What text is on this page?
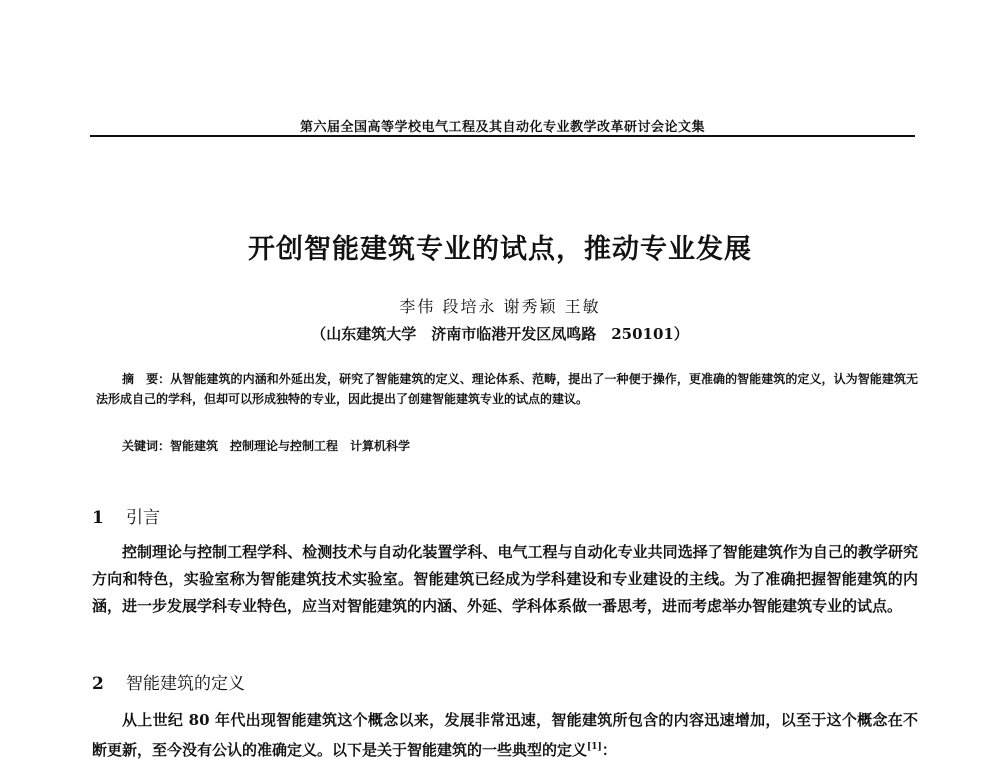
第六届全国高等学校电气工程及其自动化专业教学改革研讨会论文集
开创智能建筑专业的试点，推动专业发展
李伟 段培永 谢秀颖 王敏
（山东建筑大学　济南市临港开发区凤鸣路　250101）
摘　要：从智能建筑的内涵和外延出发，研究了智能建筑的定义、理论体系、范畴，提出了一种便于操作，更准确的智能建筑的定义，认为智能建筑无法形成自己的学科，但却可以形成独特的专业，因此提出了创建智能建筑专业的试点的建议。
关键词：智能建筑　控制理论与控制工程　计算机科学
1 引言
控制理论与控制工程学科、检测技术与自动化装置学科、电气工程与自动化专业共同选择了智能建筑作为自己的教学研究方向和特色，实验室称为智能建筑技术实验室。智能建筑已经成为学科建设和专业建设的主线。为了准确把握智能建筑的内涵，进一步发展学科专业特色，应当对智能建筑的内涵、外延、学科体系做一番思考，进而考虑举办智能建筑专业的试点。
2 智能建筑的定义
从上世纪 80 年代出现智能建筑这个概念以来，发展非常迅速，智能建筑所包含的内容迅速增加，以至于这个概念在不断更新，至今没有公认的准确定义。以下是关于智能建筑的一些典型的定义[1]：
